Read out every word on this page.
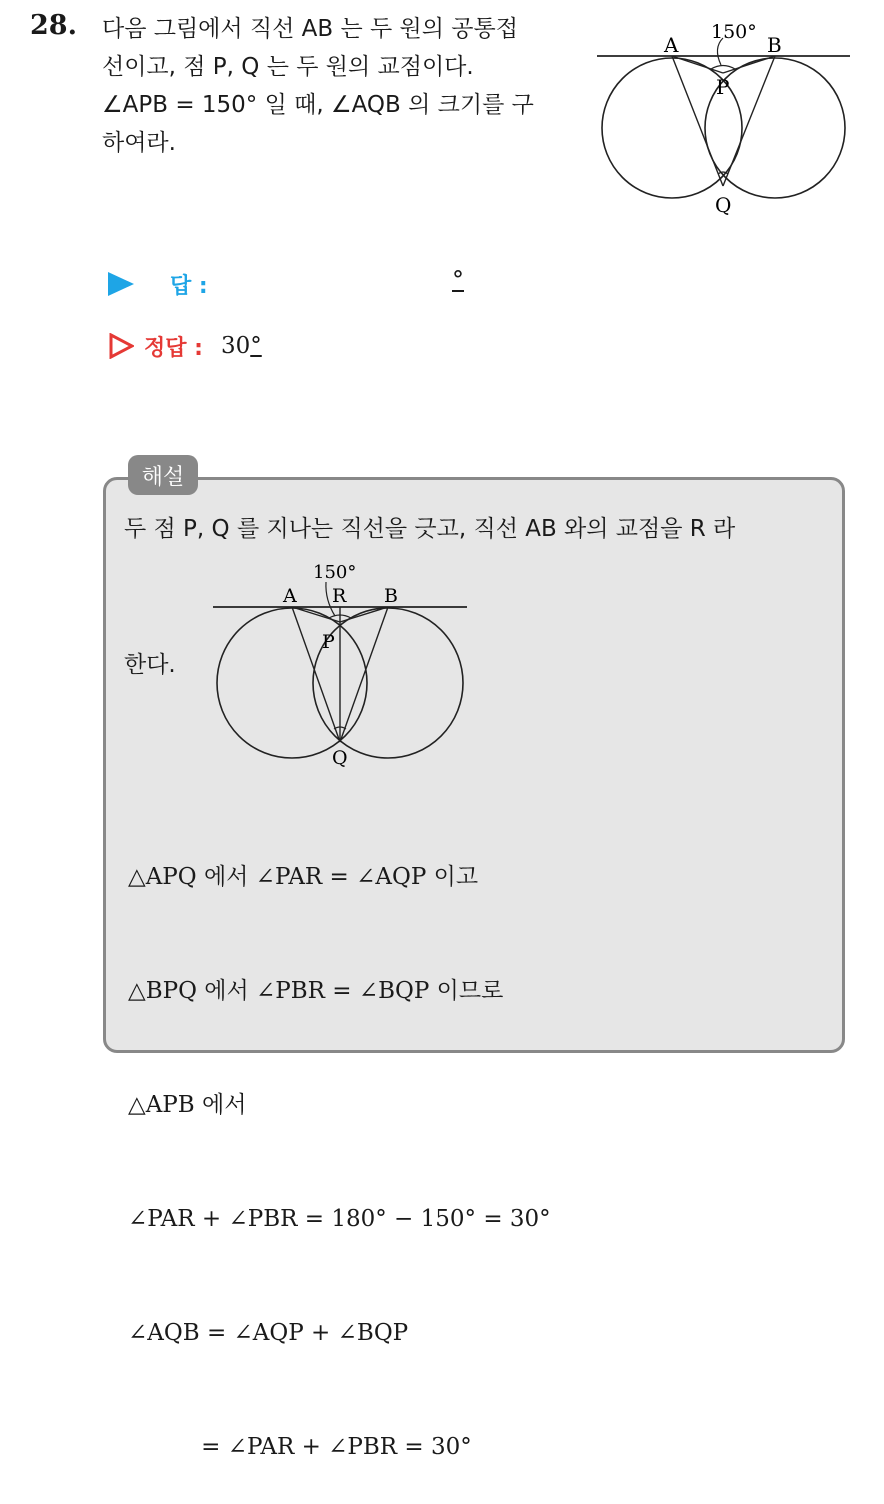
28. 다음 그림에서 직선 AB 는 두 원의 공통접
선이고, 점 P, Q 는 두 원의 교점이다.
∠APB = 150° 일 때, ∠AQB 의 크기를 구
하여라.
A
150°
B
P
Q
답 :	°
정답 : 30°
해설
두 점 P, Q 를 지나는 직선을 긋고, 직선 AB 와의 교점을 R 라
한다.
150°
A R B
P
Q

△APQ 에서 ∠PAR = ∠AQP 이고

△BPQ 에서 ∠PBR = ∠BQP 이므로

△APB 에서

∠PAR + ∠PBR = 180° − 150° = 30°

∠AQB = ∠AQP + ∠BQP

= ∠PAR + ∠PBR = 30°
